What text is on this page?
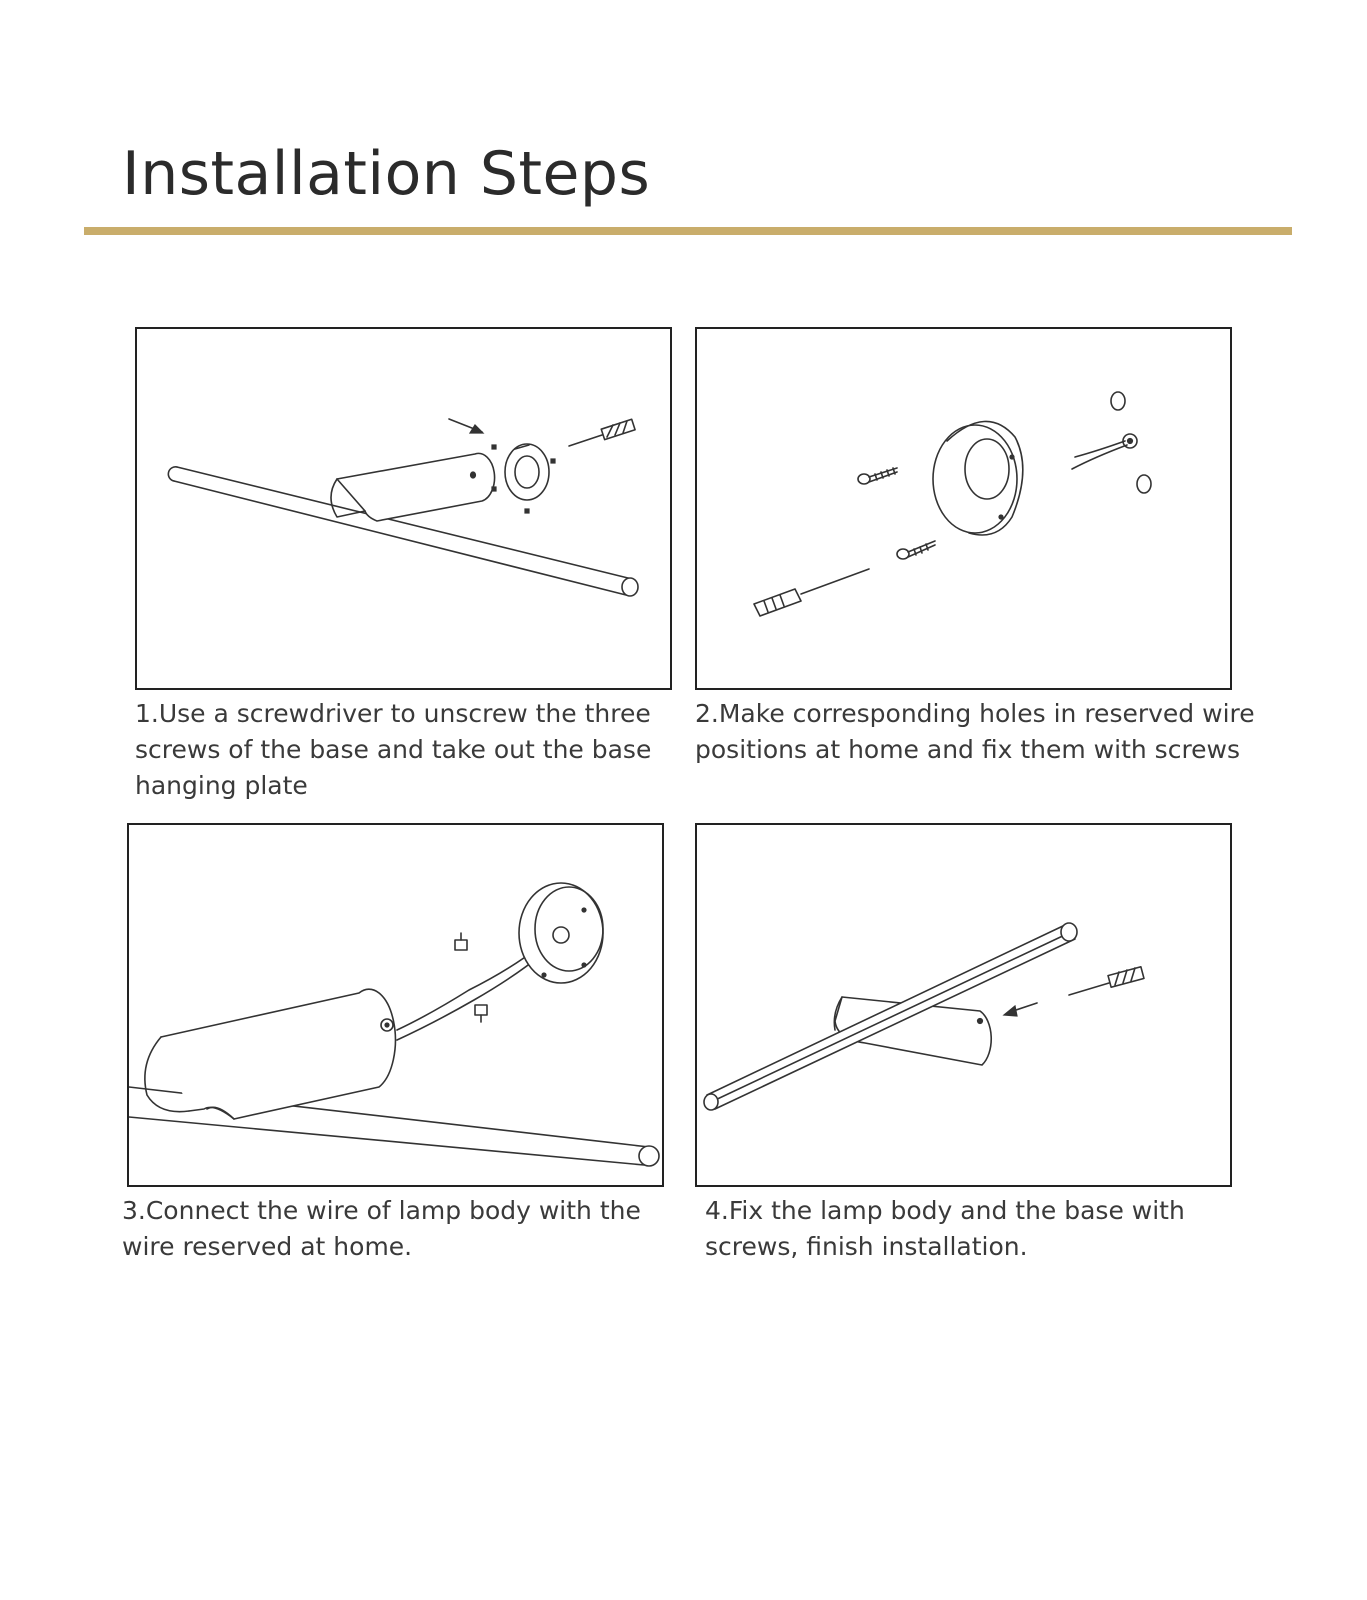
Installation Steps

1.Use a screwdriver to unscrew the three screws of the base and take out the base hanging plate

2.Make corresponding holes in reserved wire positions at home and fix them with screws

3.Connect the wire of lamp body with the wire reserved at home.

4.Fix the lamp body and the base with screws, finish installation.
